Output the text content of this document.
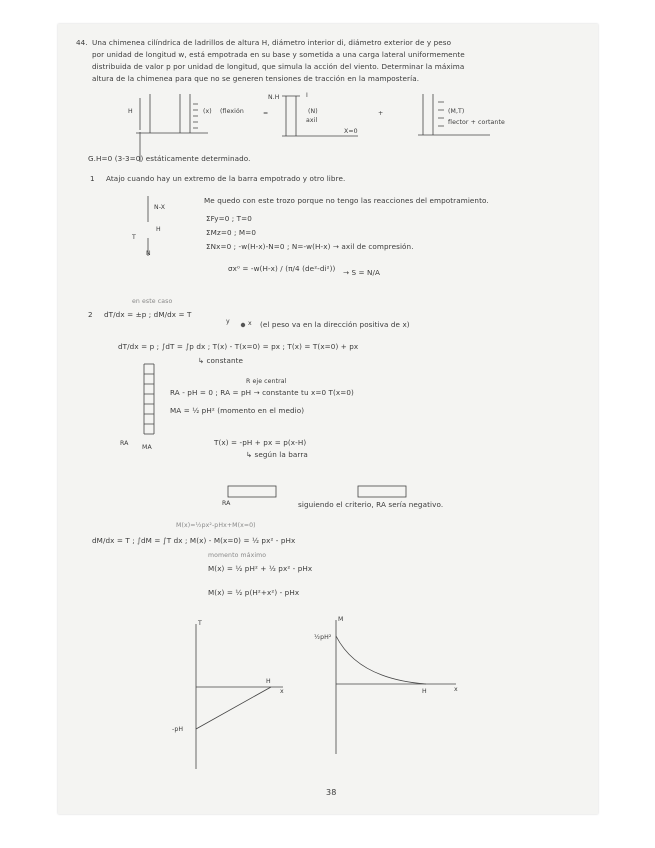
44. Una chimenea cilíndrica de ladrillos de altura H, diámetro interior di, diámetro exterior de y peso
por unidad de longitud w, está empotrada en su base y sometida a una carga lateral uniformemente
distribuida de valor p por unidad de longitud, que simula la acción del viento. Determinar la máxima
altura de la chimenea para que no se generen tensiones de tracción en la mampostería.
H	(x) (flexión
N.H	I
(N)
axil
=	+
X=0
(M,T)
flector + cortante
G.H=0 (3-3=0) estáticamente determinado.
1 Atajo cuando hay un extremo de la barra empotrado y otro libre.
Me quedo con este trozo porque no tengo las reacciones del empotramiento.
N-X
T
H
N
ΣFy=0 ; T=0
ΣMz=0 ; M=0
ΣNx=0 ; -w(H-x)-N=0 ; N=-w(H-x) → axil de compresión.
σx⁰ = -w(H-x) / (π/4 (de²-di²)) → S = N/A
2
en este caso
dT/dx = ±p ; dM/dx = T
y	x (el peso va en la dirección positiva de x)
dT/dx = p ; ∫dT = ∫p dx ; T(x) - T(x=0) = px ; T(x) = T(x=0) + px
↳ constante
R eje central
RA - pH = 0 ; RA = pH → constante tu x=0 T(x=0)
MA = ½ pH² (momento en el medio)
RA
MA
T(x) = -pH + px = p(x-H)
↳ según la barra
RA	siguiendo el criterio, RA sería negativo.
M(x)=½px²-pHx+M(x=0)
dM/dx = T ; ∫dM = ∫T dx ; M(x) - M(x=0) = ½ px² - pHx
momento máximo
M(x) = ½ pH² + ½ px² - pHx
M(x) = ½ p(H²+x²) - pHx
T
x
H
-pH
M
x
H
½pH²
38
